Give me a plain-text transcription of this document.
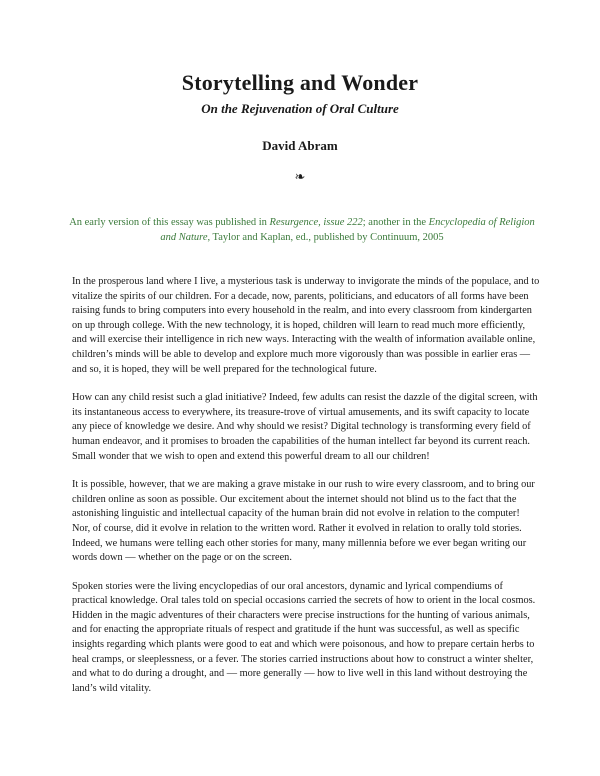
Storytelling and Wonder
On the Rejuvenation of Oral Culture
David Abram
❧

An early version of this essay was published in Resurgence, issue 222; another in the Encyclopedia of Religion and Nature, Taylor and Kaplan, ed., published by Continuum, 2005

In the prosperous land where I live, a mysterious task is underway to invigorate the minds of the populace, and to vitalize the spirits of our children. For a decade, now, parents, politicians, and educators of all forms have been raising funds to bring computers into every household in the realm, and into every classroom from kindergarten on up through college. With the new technology, it is hoped, children will learn to read much more efficiently, and will exercise their intelligence in rich new ways. Interacting with the wealth of information available online, children’s minds will be able to develop and explore much more vigorously than was possible in earlier eras — and so, it is hoped, they will be well prepared for the technological future.

How can any child resist such a glad initiative? Indeed, few adults can resist the dazzle of the digital screen, with its instantaneous access to everywhere, its treasure-trove of virtual amusements, and its swift capacity to locate any piece of knowledge we desire. And why should we resist? Digital technology is transforming every field of human endeavor, and it promises to broaden the capabilities of the human intellect far beyond its current reach. Small wonder that we wish to open and extend this powerful dream to all our children!

It is possible, however, that we are making a grave mistake in our rush to wire every classroom, and to bring our children online as soon as possible. Our excitement about the internet should not blind us to the fact that the astonishing linguistic and intellectual capacity of the human brain did not evolve in relation to the computer! Nor, of course, did it evolve in relation to the written word. Rather it evolved in relation to orally told stories. Indeed, we humans were telling each other stories for many, many millennia before we ever began writing our words down — whether on the page or on the screen.

Spoken stories were the living encyclopedias of our oral ancestors, dynamic and lyrical compendiums of practical knowledge. Oral tales told on special occasions carried the secrets of how to orient in the local cosmos. Hidden in the magic adventures of their characters were precise instructions for the hunting of various animals, and for enacting the appropriate rituals of respect and gratitude if the hunt was successful, as well as specific insights regarding which plants were good to eat and which were poisonous, and how to prepare certain herbs to heal cramps, or sleeplessness, or a fever. The stories carried instructions about how to construct a winter shelter, and what to do during a drought, and — more generally — how to live well in this land without destroying the land’s wild vitality.
